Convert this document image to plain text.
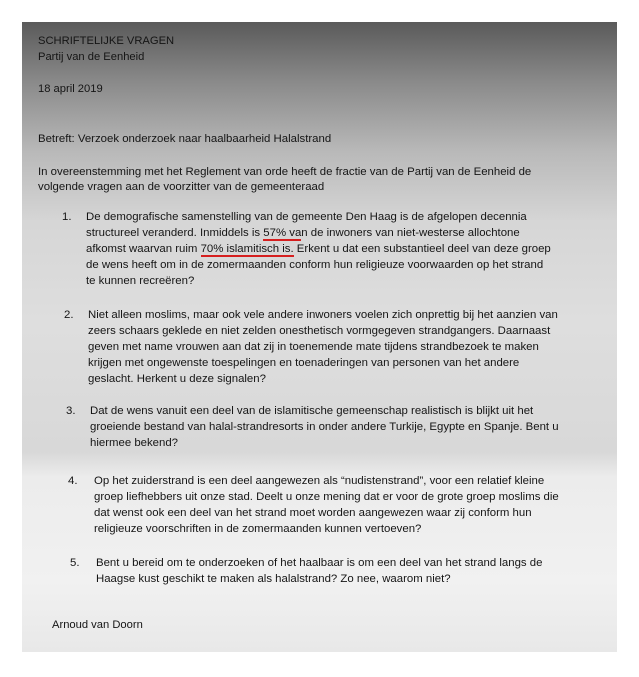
SCHRIFTELIJKE VRAGEN
Partij van de Eenheid
18 april 2019
Betreft: Verzoek onderzoek naar haalbaarheid Halalstrand
In overeenstemming met het Reglement van orde heeft de fractie van de Partij van de Eenheid de
volgende vragen aan de voorzitter van de gemeenteraad
1. De demografische samenstelling van de gemeente Den Haag is de afgelopen decennia
structureel veranderd. Inmiddels is 57% van de inwoners van niet-westerse allochtone
afkomst waarvan ruim 70% islamitisch is. Erkent u dat een substantieel deel van deze groep
de wens heeft om in de zomermaanden conform hun religieuze voorwaarden op het strand
te kunnen recreëren?
2. Niet alleen moslims, maar ook vele andere inwoners voelen zich onprettig bij het aanzien van
zeers schaars geklede en niet zelden onesthetisch vormgegeven strandgangers. Daarnaast
geven met name vrouwen aan dat zij in toenemende mate tijdens strandbezoek te maken
krijgen met ongewenste toespelingen en toenaderingen van personen van het andere
geslacht. Herkent u deze signalen?
3. Dat de wens vanuit een deel van de islamitische gemeenschap realistisch is blijkt uit het
groeiende bestand van halal-strandresorts in onder andere Turkije, Egypte en Spanje. Bent u
hiermee bekend?
4. Op het zuiderstrand is een deel aangewezen als “nudistenstrand”, voor een relatief kleine
groep liefhebbers uit onze stad. Deelt u onze mening dat er voor de grote groep moslims die
dat wenst ook een deel van het strand moet worden aangewezen waar zij conform hun
religieuze voorschriften in de zomermaanden kunnen vertoeven?
5. Bent u bereid om te onderzoeken of het haalbaar is om een deel van het strand langs de
Haagse kust geschikt te maken als halalstrand? Zo nee, waarom niet?
Arnoud van Doorn
